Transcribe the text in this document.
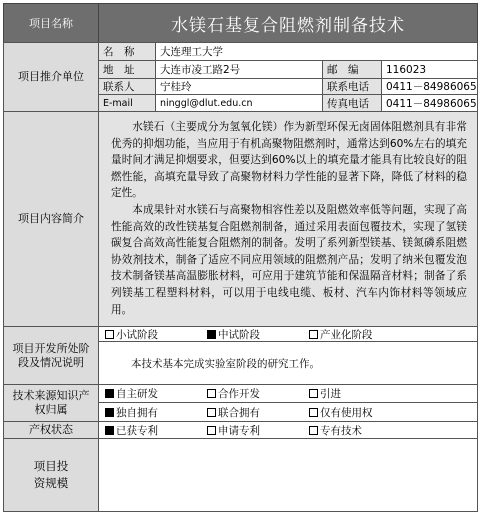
项目名称	水镁石基复合阻燃剂制备技术
项目推介单位
名　称	大连理工大学
地　址	大连市凌工路2号	邮　编	116023
联系人	宁桂玲	联系电话	0411－84986065
E-mail	ninggl@dlut.edu.cn	传真电话	0411－84986065
项目内容简介

水镁石（主要成分为氢氧化镁）作为新型环保无卤固体阻燃剂具有非常优秀的抑烟功能，当应用于有机高聚物阻燃剂时，通常达到60%左右的填充量时间才满足抑烟要求，但要达到60%以上的填充量才能具有比较良好的阻燃性能，高填充量导致了高聚物材料力学性能的显著下降，降低了材料的稳定性。

本成果针对水镁石与高聚物相容性差以及阻燃效率低等问题，实现了高性能高效的改性镁基复合阻燃剂制备，通过采用表面包覆技术，实现了氢镁碳复合高效高性能复合阻燃剂的制备。发明了系列新型镁基、镁氮磷系阻燃协效剂技术，制备了适应不同应用领域的阻燃剂产品；发明了纳米包覆发泡技术制备镁基高温膨胀材料，可应用于建筑节能和保温隔音材料；制备了系列镁基工程塑料材料，可以用于电线电缆、板材、汽车内饰材料等领域应用。

项目开发所处阶段及情况说明
小试阶段	中试阶段	产业化阶段
本技术基本完成实验室阶段的研究工作。
技术来源知识产权归属
自主研发	合作开发	引进
独自拥有	联合拥有	仅有使用权
产权状态	已获专利	申请专利	专有技术
项目投资规模
